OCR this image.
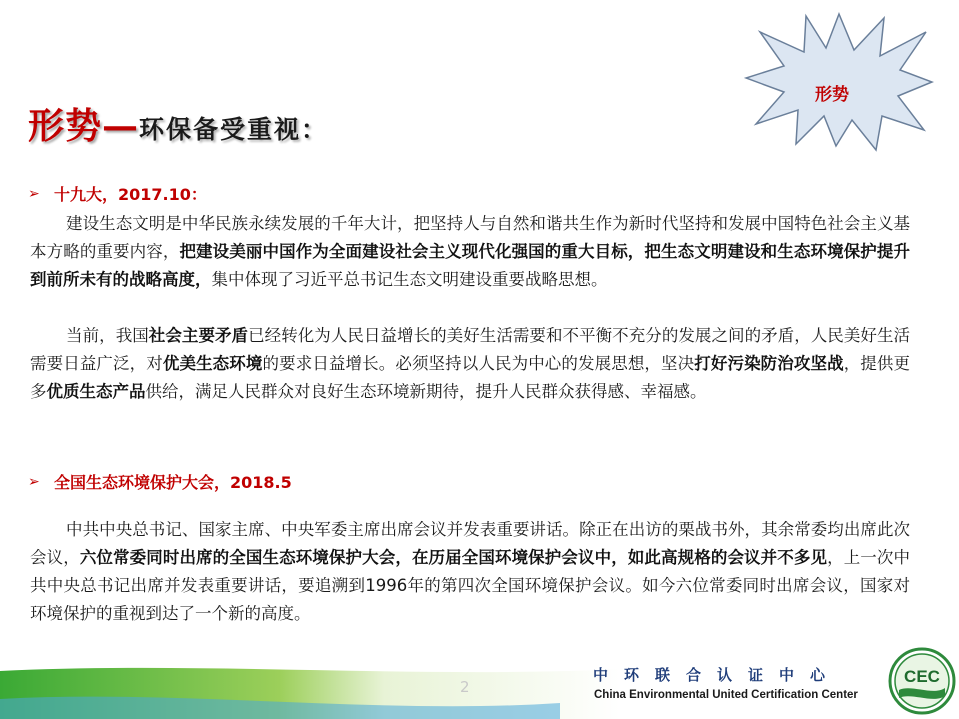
形势
形势— 环保备受重视：
➢ 十九大，2017.10：
建设生态文明是中华民族永续发展的千年大计，把坚持人与自然和谐共生作为新时代坚持和发展中国特色社会主义基本方略的重要内容，把建设美丽中国作为全面建设社会主义现代化强国的重大目标，把生态文明建设和生态环境保护提升到前所未有的战略高度，集中体现了习近平总书记生态文明建设重要战略思想。
当前，我国社会主要矛盾已经转化为人民日益增长的美好生活需要和不平衡不充分的发展之间的矛盾，人民美好生活需要日益广泛，对优美生态环境的要求日益增长。必须坚持以人民为中心的发展思想，坚决打好污染防治攻坚战，提供更多优质生态产品供给，满足人民群众对良好生态环境新期待，提升人民群众获得感、幸福感。
➢ 全国生态环境保护大会，2018.5
中共中央总书记、国家主席、中央军委主席出席会议并发表重要讲话。除正在出访的栗战书外，其余常委均出席此次会议，六位常委同时出席的全国生态环境保护大会，在历届全国环境保护会议中，如此高规格的会议并不多见，上一次中共中央总书记出席并发表重要讲话，要追溯到1996年的第四次全国环境保护会议。如今六位常委同时出席会议，国家对环境保护的重视到达了一个新的高度。
2
中环联合认证中心
China Environmental United Certification Center
CEC
